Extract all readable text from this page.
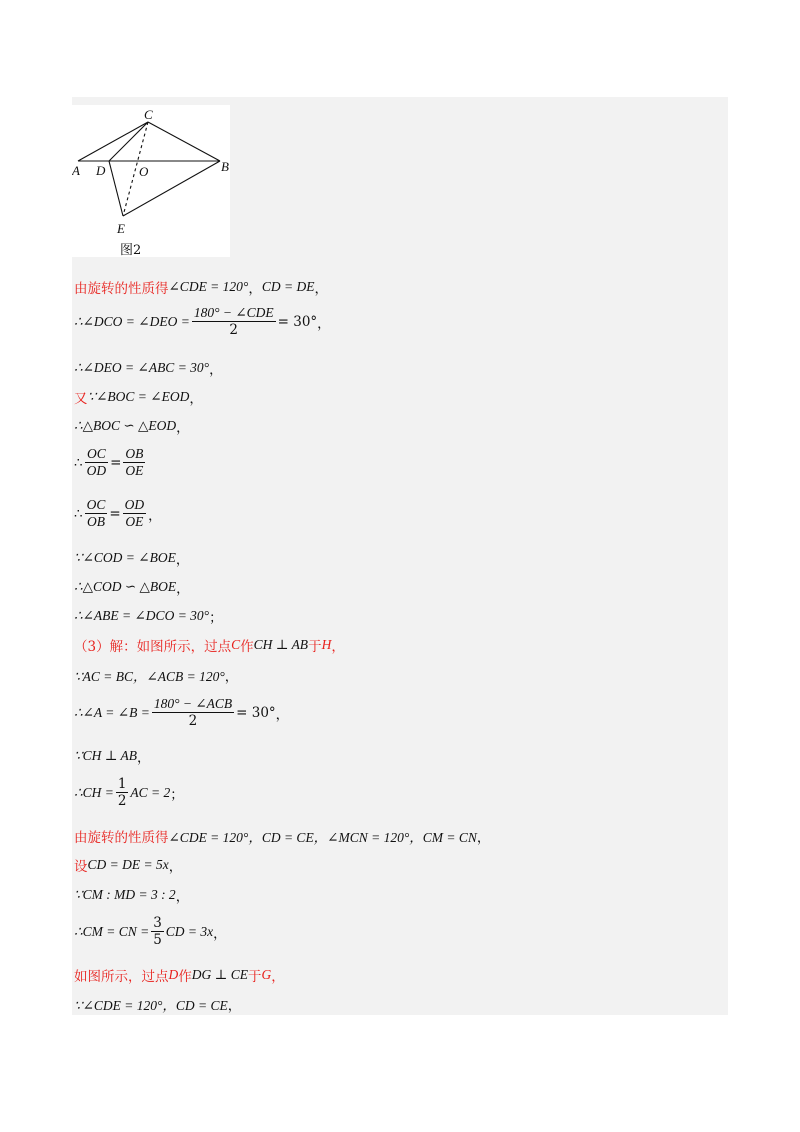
C
A D	O	B
E
图2
由旋转的性质得 ∠CDE = 120° ， CD = DE ，
∴∠DCO = ∠DEO = $\frac{\text{180° − ∠CDE}}{2} = 30^\circ$ ，
∴∠DEO = ∠ABC = 30° ，
又 ∵∠BOC = ∠EOD ，
∴△BOC ∽ △EOD ，
∴ $\frac{OC}{OD} = \frac{OB}{OE}$
∴ $\frac{OC}{OB} = \frac{OD}{OE}$ ，
∵∠COD = ∠BOE ，
∴△COD ∽ △BOE ，
∴∠ABE = ∠DCO = 30° ；
（3）解：如图所示，过点 C 作 CH ⊥ AB 于 H ，
∵AC = BC，∠ACB = 120° ，
∴∠A = ∠B = $\frac{\text{180° − ∠ACB}}{2} = 30^\circ$ ，
∵CH ⊥ AB ，
∴CH = $\frac{1}{2}$ AC = 2 ；
由旋转的性质得 ∠CDE = 120°，CD = CE，∠MCN = 120°，CM = CN ，
设 CD = DE = 5x ，
∵CM : MD = 3 : 2 ，
∴CM = CN = $\frac{3}{5}$ CD = 3x ，
如图所示，过点 D 作 DG ⊥ CE 于 G ，
∵∠CDE = 120°，CD = CE ，
